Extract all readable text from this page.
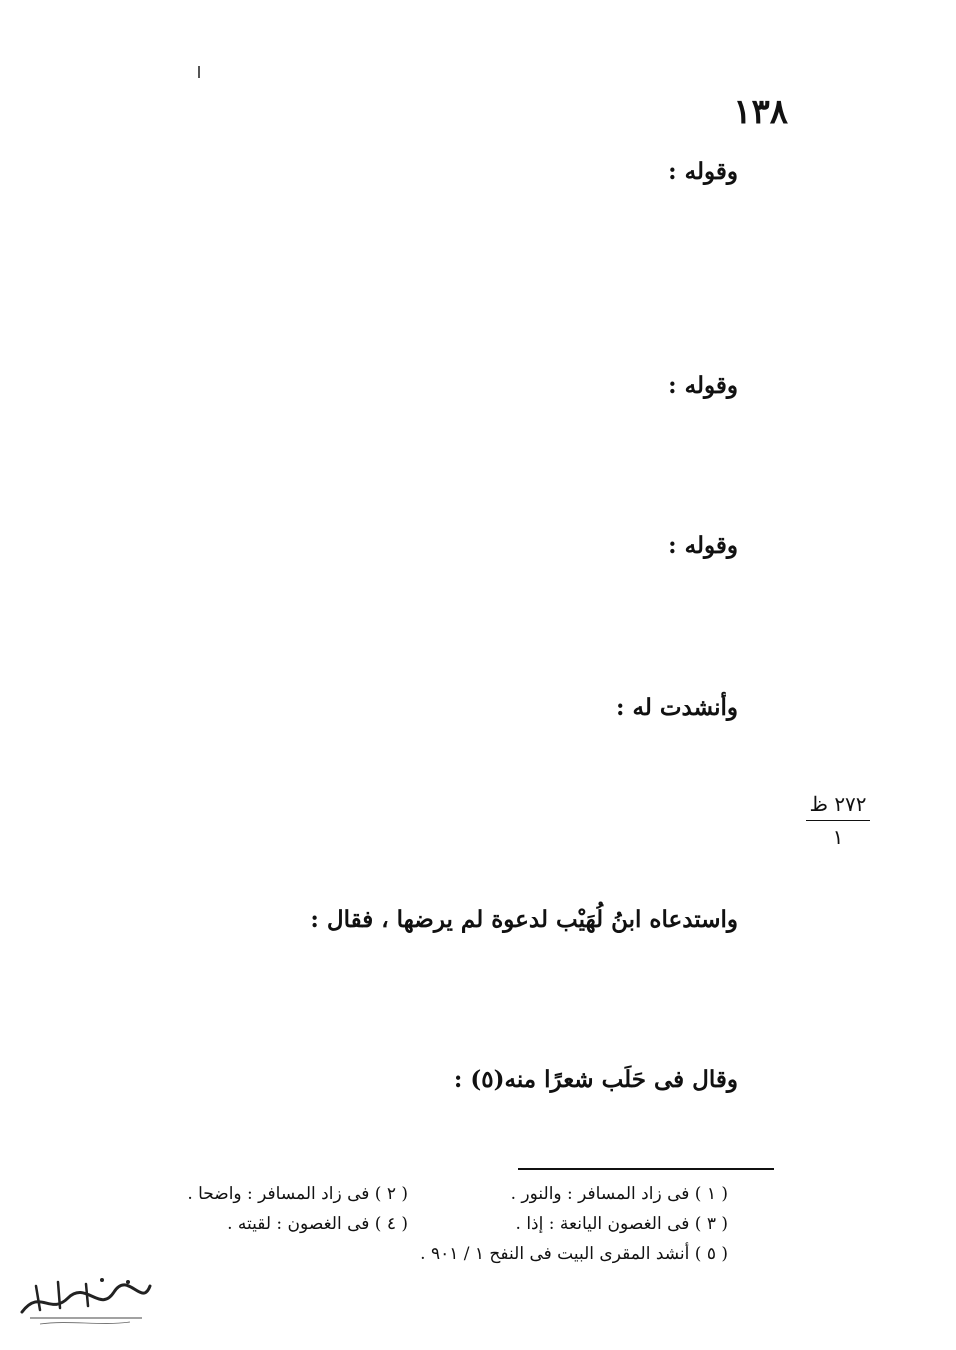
١٣٨
وقوله :
وقوله :
وقوله :
وأنشدت له :
٢٧٢ ظ
١
واستدعاه ابنُ لُهَيْب لدعوة لم يرضها ، فقال :
وقال فى حَلَب شعرًا منه(٥) :
( ١ ) فى زاد المسافر : والنور .
( ٢ ) فى زاد المسافر : واضحا .
( ٣ ) فى الغصون اليانعة : إذا .
( ٤ ) فى الغصون : لقيته .
( ٥ ) أنشد المقرى البيت فى النفح ١ / ٩٠١ .
